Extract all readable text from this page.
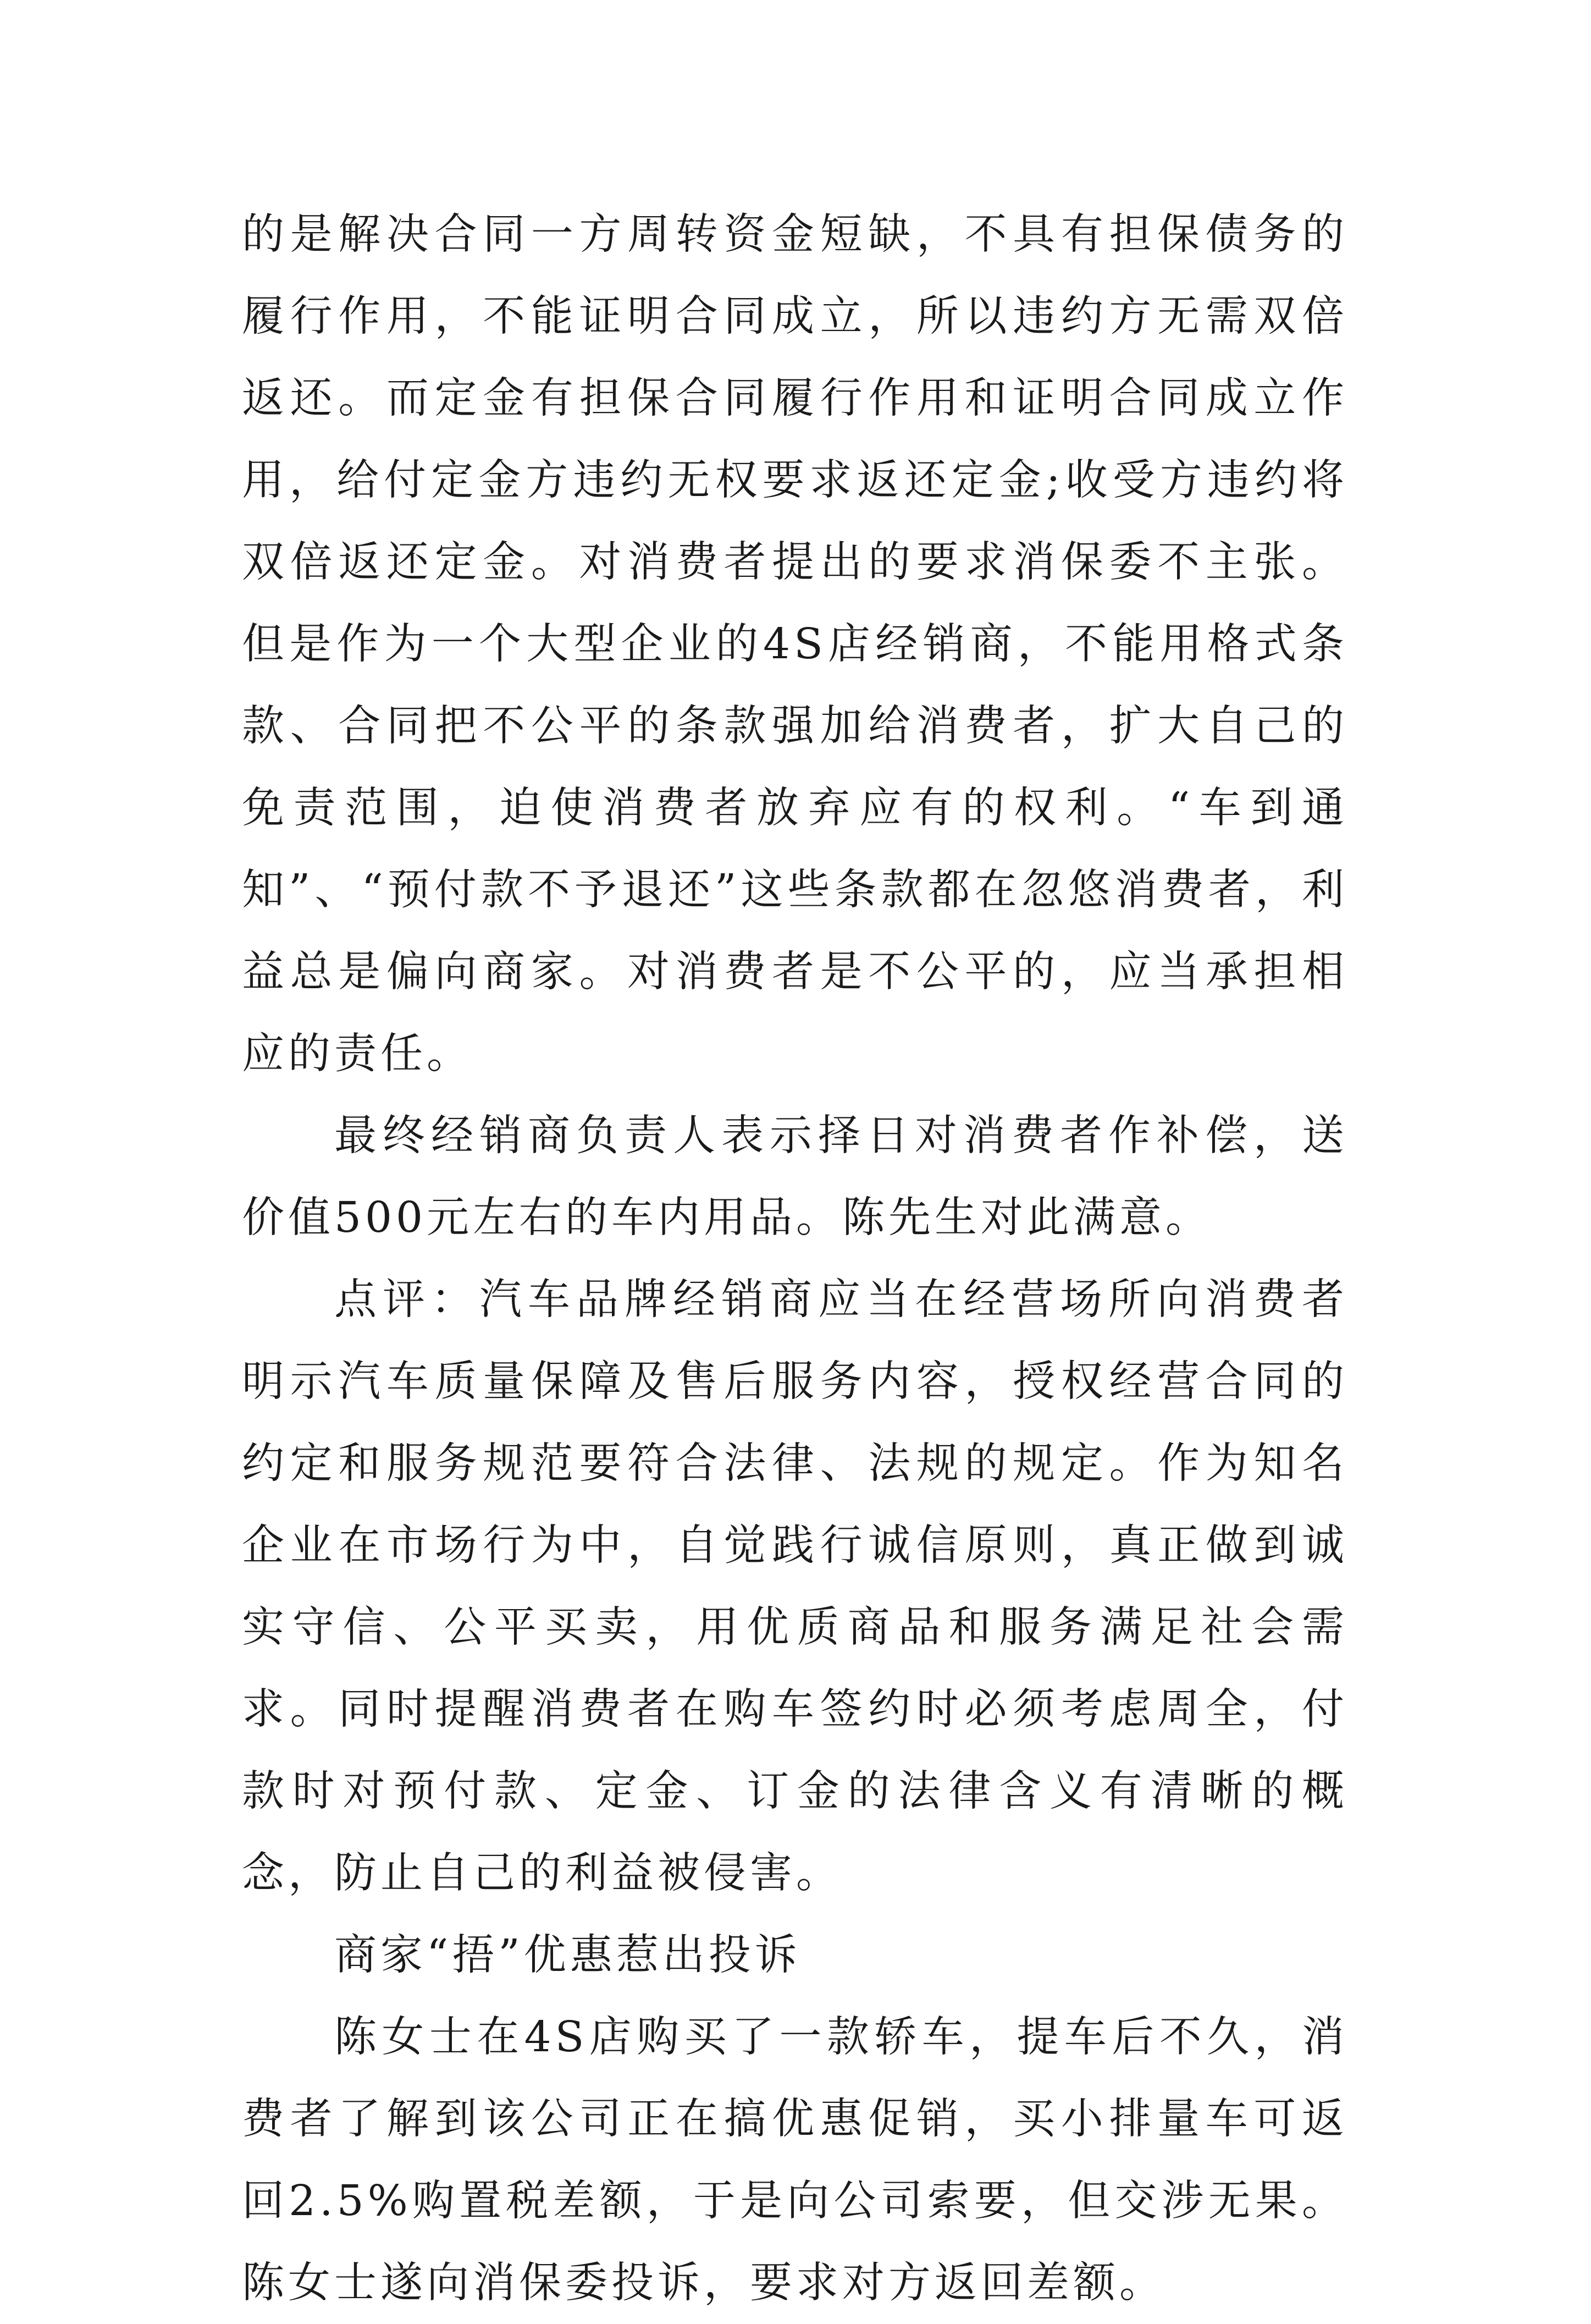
的是解决合同一方周转资金短缺，不具有担保债务的履行作用，不能证明合同成立，所以违约方无需双倍返还。而定金有担保合同履行作用和证明合同成立作用，给付定金方违约无权要求返还定金;收受方违约将双倍返还定金。对消费者提出的要求消保委不主张。但是作为一个大型企业的4S店经销商，不能用格式条款、合同把不公平的条款强加给消费者，扩大自己的免责范围，迫使消费者放弃应有的权利。“车到通知”、“预付款不予退还”这些条款都在忽悠消费者，利益总是偏向商家。对消费者是不公平的，应当承担相应的责任。

最终经销商负责人表示择日对消费者作补偿，送价值500元左右的车内用品。陈先生对此满意。

点评：汽车品牌经销商应当在经营场所向消费者明示汽车质量保障及售后服务内容，授权经营合同的约定和服务规范要符合法律、法规的规定。作为知名企业在市场行为中，自觉践行诚信原则，真正做到诚实守信、公平买卖，用优质商品和服务满足社会需求。同时提醒消费者在购车签约时必须考虑周全，付款时对预付款、定金、订金的法律含义有清晰的概念，防止自己的利益被侵害。

商家“捂”优惠惹出投诉

陈女士在4S店购买了一款轿车，提车后不久，消费者了解到该公司正在搞优惠促销，买小排量车可返回2.5%购置税差额，于是向公司索要，但交涉无果。陈女士遂向消保委投诉，要求对方返回差额。
